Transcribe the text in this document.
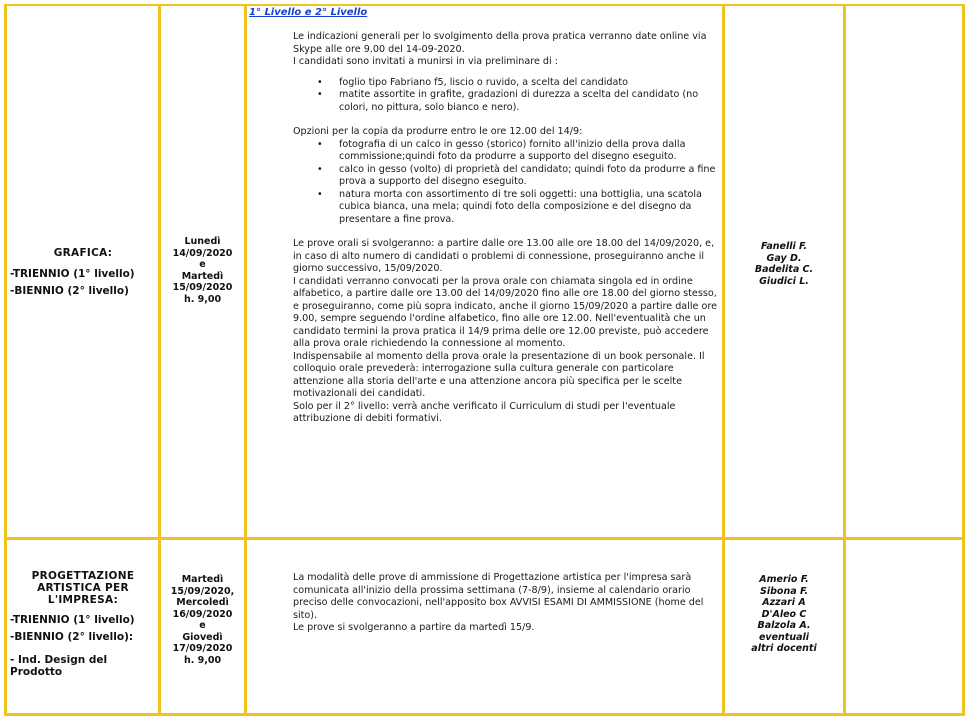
1° Livello e 2° Livello
GRAFICA:
-TRIENNIO (1° livello)
-BIENNIO (2° livello)
Lunedì
14/09/2020
e
Martedì
15/09/2020
h. 9,00

Le indicazioni generali per lo svolgimento della prova pratica verranno date online via Skype alle ore 9.00 del 14-09-2020.

I candidati sono invitati a munirsi in via preliminare di :

• foglio tipo Fabriano f5, liscio o ruvido, a scelta del candidato
• matite assortite in grafite, gradazioni di durezza a scelta del candidato (no colori, no pittura, solo bianco e nero).

Opzioni per la copia da produrre entro le ore 12.00 del 14/9:

• fotografia di un calco in gesso (storico) fornito all'inizio della prova dalla commissione;quindi foto da produrre a supporto del disegno eseguito.
• calco in gesso (volto) di proprietà del candidato; quindi foto da produrre a fine prova a supporto del disegno eseguito.
• natura morta con assortimento di tre soli oggetti: una bottiglia, una scatola cubica bianca, una mela; quindi foto della composizione e del disegno da presentare a fine prova.

Le prove orali si svolgeranno: a partire dalle ore 13.00 alle ore 18.00 del 14/09/2020, e, in caso di alto numero di candidati o problemi di connessione, proseguiranno anche il giorno successivo, 15/09/2020.

I candidati verranno convocati per la prova orale con chiamata singola ed in ordine alfabetico, a partire dalle ore 13.00 del 14/09/2020 fino alle ore 18.00 del giorno stesso, e proseguiranno, come più sopra indicato, anche il giorno 15/09/2020 a partire dalle ore 9.00, sempre seguendo l'ordine alfabetico, fino alle ore 12.00. Nell'eventualità che un candidato termini la prova pratica il 14/9 prima delle ore 12.00 previste, può accedere alla prova orale richiedendo la connessione al momento.

Indispensabile al momento della prova orale la presentazione di un book personale. Il colloquio orale prevederà: interrogazione sulla cultura generale con particolare attenzione alla storia dell'arte e una attenzione ancora più specifica per le scelte motivazionali dei candidati.

Solo per il 2° livello: verrà anche verificato il Curriculum di studi per l'eventuale attribuzione di debiti formativi.

Fanelli F.
Gay D.
Badelita C.
Giudici L.
PROGETTAZIONE ARTISTICA PER L'IMPRESA:
-TRIENNIO (1° livello)
-BIENNIO (2° livello):
- Ind. Design del Prodotto
Martedì
15/09/2020,
Mercoledì
16/09/2020
e
Giovedì
17/09/2020
h. 9,00

La modalità delle prove di ammissione di Progettazione artistica per l'impresa sarà comunicata all'inizio della prossima settimana (7-8/9), insieme al calendario orario preciso delle convocazioni, nell'apposito box AVVISI ESAMI DI AMMISSIONE (home del sito).

Le prove si svolgeranno a partire da martedì 15/9.

Amerio F.
Sibona F.
Azzari A
D'Aleo C
Balzola A.
eventuali
altri docenti
